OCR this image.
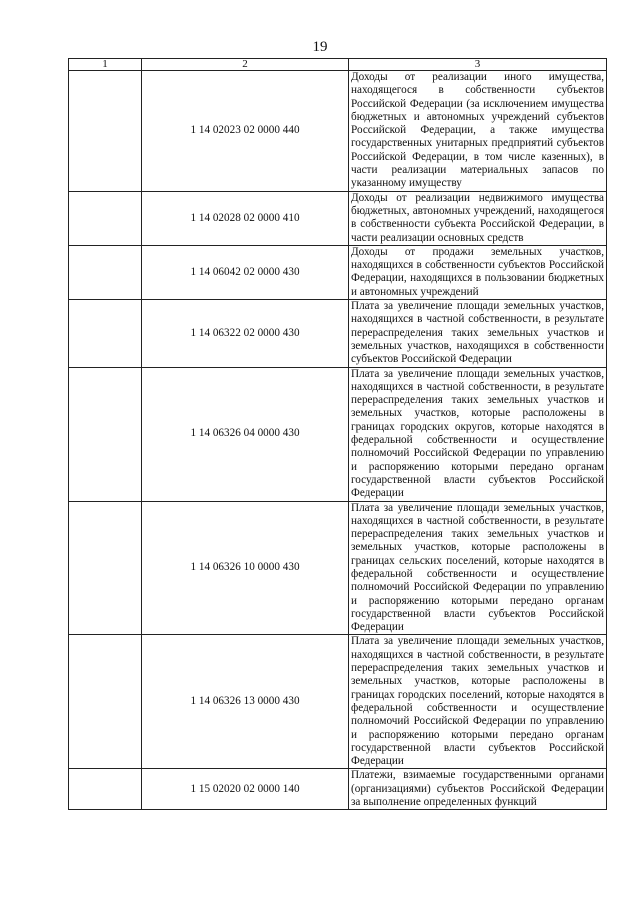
19
1	2	3
	1 14 02023 02 0000 440	Доходы от реализации иного имущества, находящегося в собственности субъектов Российской Федерации (за исключением имущества бюджетных и автономных учреждений субъектов Российской Федерации, а также имущества государственных унитарных предприятий субъектов Российской Федерации, в том числе казенных), в части реализации материальных запасов по указанному имуществу
	1 14 02028 02 0000 410	Доходы от реализации недвижимого имущества бюджетных, автономных учреждений, находящегося в собственности субъекта Российской Федерации, в части реализации основных средств
	1 14 06042 02 0000 430	Доходы от продажи земельных участков, находящихся в собственности субъектов Российской Федерации, находящихся в пользовании бюджетных и автономных учреждений
	1 14 06322 02 0000 430	Плата за увеличение площади земельных участков, находящихся в частной собственности, в результате перераспределения таких земельных участков и земельных участков, находящихся в собственности субъектов Российской Федерации
	1 14 06326 04 0000 430	Плата за увеличение площади земельных участков, находящихся в частной собственности, в результате перераспределения таких земельных участков и земельных участков, которые расположены в границах городских округов, которые находятся в федеральной собственности и осуществление полномочий Российской Федерации по управлению и распоряжению которыми передано органам государственной власти субъектов Российской Федерации
	1 14 06326 10 0000 430	Плата за увеличение площади земельных участков, находящихся в частной собственности, в результате перераспределения таких земельных участков и земельных участков, которые расположены в границах сельских поселений, которые находятся в федеральной собственности и осуществление полномочий Российской Федерации по управлению и распоряжению которыми передано органам государственной власти субъектов Российской Федерации
	1 14 06326 13 0000 430	Плата за увеличение площади земельных участков, находящихся в частной собственности, в результате перераспределения таких земельных участков и земельных участков, которые расположены в границах городских поселений, которые находятся в федеральной собственности и осуществление полномочий Российской Федерации по управлению и распоряжению которыми передано органам государственной власти субъектов Российской Федерации
	1 15 02020 02 0000 140	Платежи, взимаемые государственными органами (организациями) субъектов Российской Федерации за выполнение определенных функций
